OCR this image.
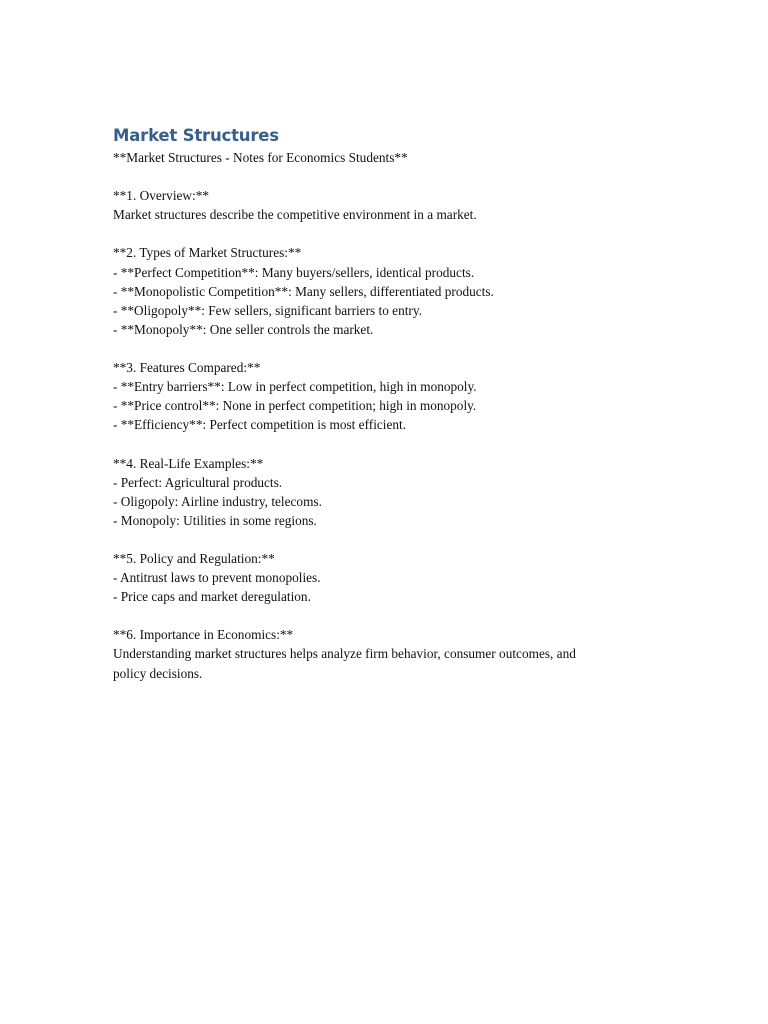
Market Structures
**Market Structures - Notes for Economics Students**
**1. Overview:**
Market structures describe the competitive environment in a market.
**2. Types of Market Structures:**
- **Perfect Competition**: Many buyers/sellers, identical products.
- **Monopolistic Competition**: Many sellers, differentiated products.
- **Oligopoly**: Few sellers, significant barriers to entry.
- **Monopoly**: One seller controls the market.
**3. Features Compared:**
- **Entry barriers**: Low in perfect competition, high in monopoly.
- **Price control**: None in perfect competition; high in monopoly.
- **Efficiency**: Perfect competition is most efficient.
**4. Real-Life Examples:**
- Perfect: Agricultural products.
- Oligopoly: Airline industry, telecoms.
- Monopoly: Utilities in some regions.
**5. Policy and Regulation:**
- Antitrust laws to prevent monopolies.
- Price caps and market deregulation.
**6. Importance in Economics:**
Understanding market structures helps analyze firm behavior, consumer outcomes, and
policy decisions.
